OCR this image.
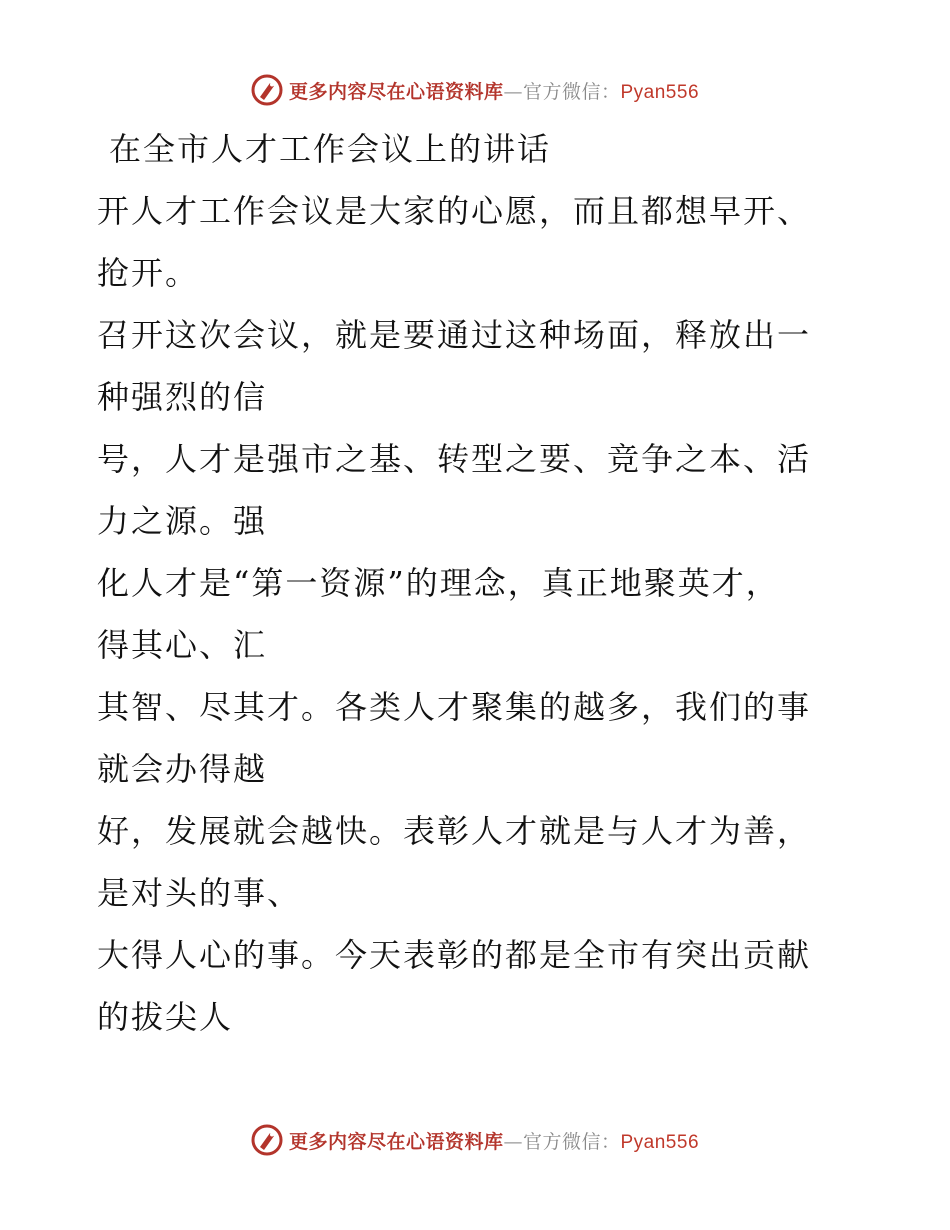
更多内容尽在心语资料库—官方微信：Pyan556
在全市人才工作会议上的讲话
开人才工作会议是大家的心愿，而且都想早开、
抢开。
召开这次会议，就是要通过这种场面，释放出一
种强烈的信
号，人才是强市之基、转型之要、竞争之本、活
力之源。强
化人才是“第一资源”的理念，真正地聚英才，
得其心、汇
其智、尽其才。各类人才聚集的越多，我们的事
就会办得越
好，发展就会越快。表彰人才就是与人才为善，
是对头的事、
大得人心的事。今天表彰的都是全市有突出贡献
的拔尖人
更多内容尽在心语资料库—官方微信：Pyan556
